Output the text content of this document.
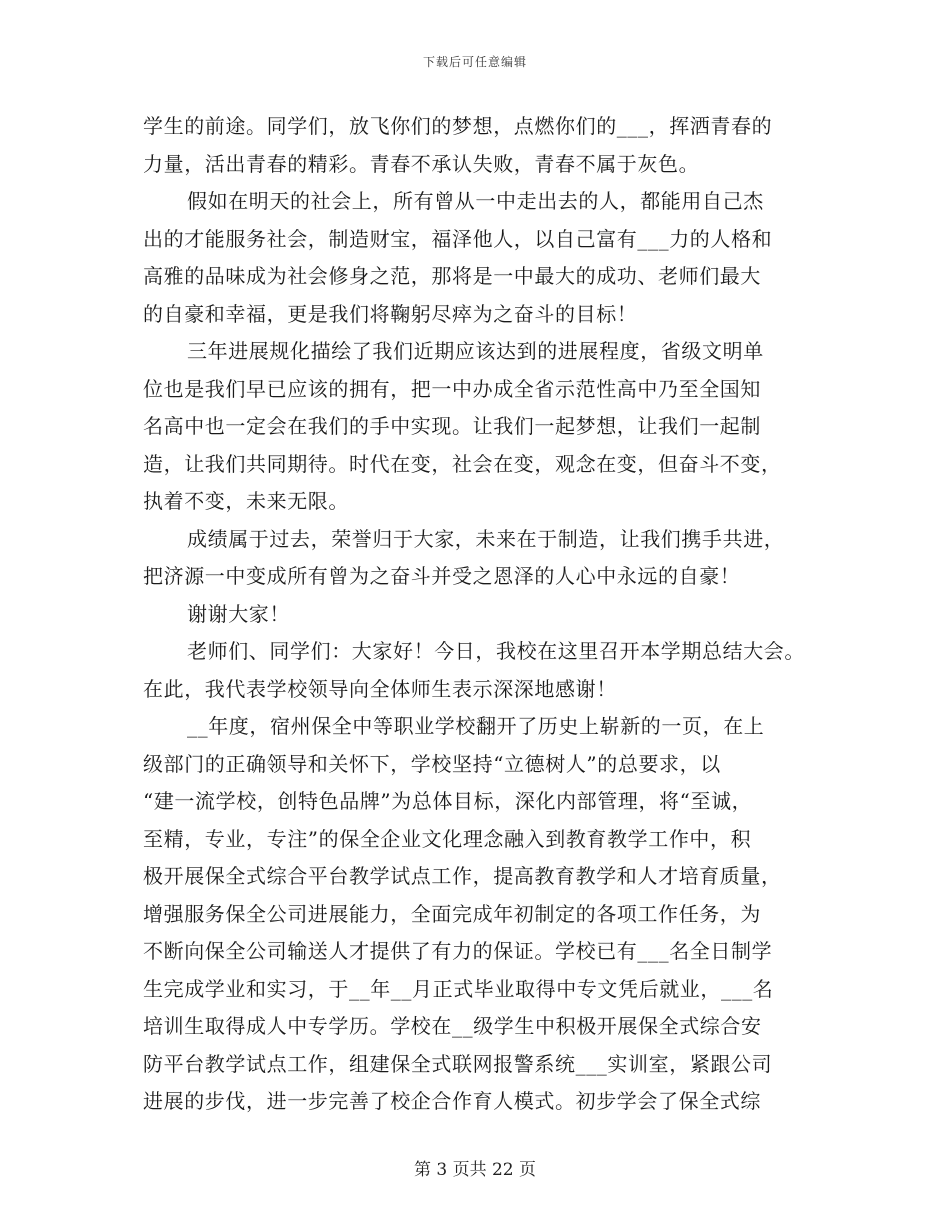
下载后可任意编辑
学生的前途。同学们，放飞你们的梦想，点燃你们的___，挥洒青春的
力量，活出青春的精彩。青春不承认失败，青春不属于灰色。
假如在明天的社会上，所有曾从一中走出去的人，都能用自己杰
出的才能服务社会，制造财宝，福泽他人，以自己富有___力的人格和
高雅的品味成为社会修身之范，那将是一中最大的成功、老师们最大
的自豪和幸福，更是我们将鞠躬尽瘁为之奋斗的目标！
三年进展规化描绘了我们近期应该达到的进展程度，省级文明单
位也是我们早已应该的拥有，把一中办成全省示范性高中乃至全国知
名高中也一定会在我们的手中实现。让我们一起梦想，让我们一起制
造，让我们共同期待。时代在变，社会在变，观念在变，但奋斗不变，
执着不变，未来无限。
成绩属于过去，荣誉归于大家，未来在于制造，让我们携手共进，
把济源一中变成所有曾为之奋斗并受之恩泽的人心中永远的自豪！
谢谢大家！
老师们、同学们：大家好！今日，我校在这里召开本学期总结大会。
在此，我代表学校领导向全体师生表示深深地感谢！
__年度，宿州保全中等职业学校翻开了历史上崭新的一页，在上
级部门的正确领导和关怀下，学校坚持“立德树人”的总要求，以
“建一流学校，创特色品牌”为总体目标，深化内部管理，将“至诚，
至精，专业，专注”的保全企业文化理念融入到教育教学工作中，积
极开展保全式综合平台教学试点工作，提高教育教学和人才培育质量，
增强服务保全公司进展能力，全面完成年初制定的各项工作任务，为
不断向保全公司输送人才提供了有力的保证。学校已有___名全日制学
生完成学业和实习，于__年__月正式毕业取得中专文凭后就业，___名
培训生取得成人中专学历。学校在__级学生中积极开展保全式综合安
防平台教学试点工作，组建保全式联网报警系统___实训室，紧跟公司
进展的步伐，进一步完善了校企合作育人模式。初步学会了保全式综
第 3 页共 22 页
